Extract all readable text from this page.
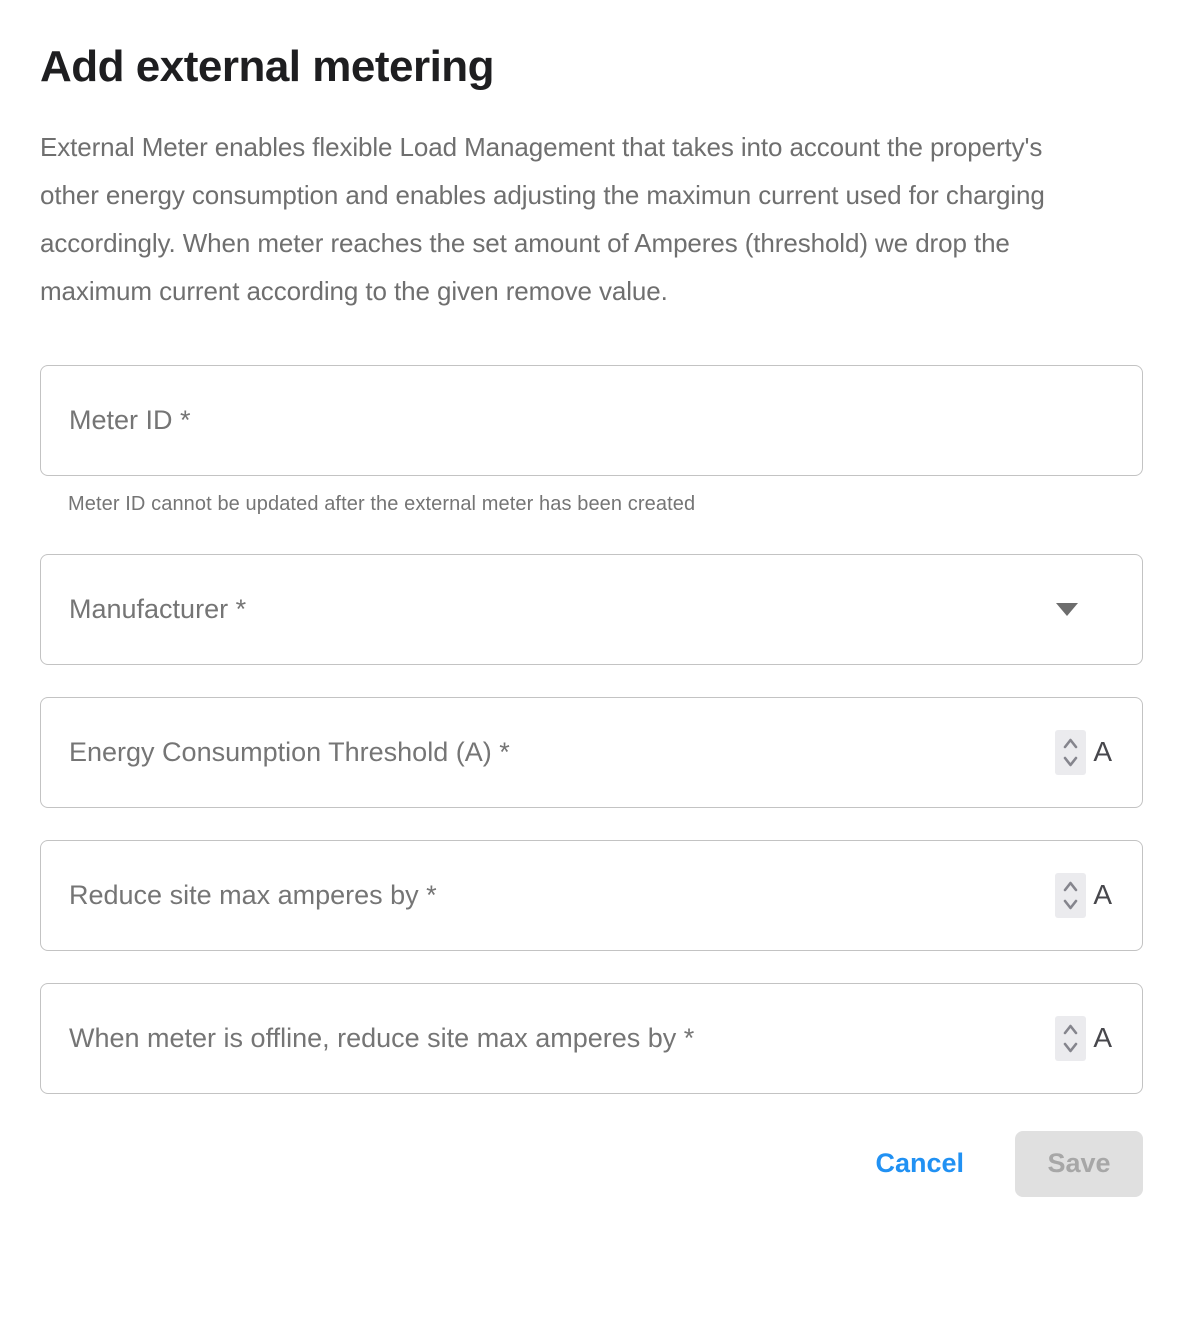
Add external metering

External Meter enables flexible Load Management that takes into account the property's other energy consumption and enables adjusting the maximun current used for charging accordingly. When meter reaches the set amount of Amperes (threshold) we drop the maximum current according to the given remove value.

Meter ID *
Meter ID cannot be updated after the external meter has been created
Manufacturer *
Energy Consumption Threshold (A) *
A
Reduce site max amperes by *
A
When meter is offline, reduce site max amperes by *
A
Cancel	Save
